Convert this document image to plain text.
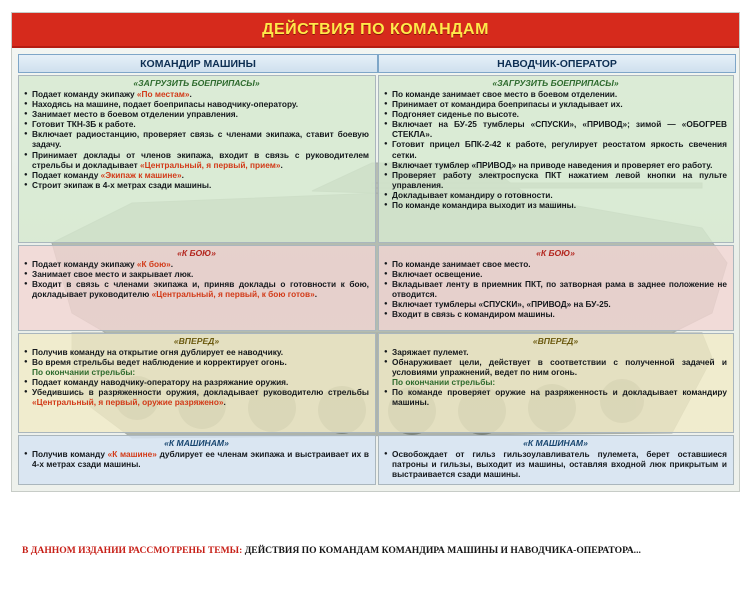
ДЕЙСТВИЯ ПО КОМАНДАМ
КОМАНДИР МАШИНЫ	НАВОДЧИК-ОПЕРАТОР
«ЗАГРУЗИТЬ БОЕПРИПАСЫ»
● Подает команду экипажу «По местам».
● Находясь на машине, подает боеприпасы наводчику-оператору.
● Занимает место в боевом отделении управления.
● Готовит ТКН-3Б к работе.
● Включает радиостанцию, проверяет связь с членами экипажа, ставит боевую задачу.
● Принимает доклады от членов экипажа, входит в связь с руководителем стрельбы и докладывает «Центральный, я первый, прием».
● Подает команду «Экипаж к машине».
● Строит экипаж в 4-х метрах сзади машины.
«ЗАГРУЗИТЬ БОЕПРИПАСЫ»
● По команде занимает свое место в боевом отделении.
● Принимает от командира боеприпасы и укладывает их.
● Подгоняет сиденье по высоте.
● Включает на БУ-25 тумблеры «СПУСКИ», «ПРИВОД»; зимой — «ОБОГРЕВ СТЕКЛА».
● Готовит прицел БПК-2-42 к работе, регулирует реостатом яркость свечения сетки.
● Включает тумблер «ПРИВОД» на приводе наведения и проверяет его работу.
● Проверяет работу электроспуска ПКТ нажатием левой кнопки на пульте управления.
● Докладывает командиру о готовности.
● По команде командира выходит из машины.
«К БОЮ»
● Подает команду экипажу «К бою».
● Занимает свое место и закрывает люк.
● Входит в связь с членами экипажа и, приняв доклады о готовности к бою, докладывает руководителю «Центральный, я первый, к бою готов».
«К БОЮ»
● По команде занимает свое место.
● Включает освещение.
● Вкладывает ленту в приемник ПКТ, по затворная рама в заднее положение не отводится.
● Включает тумблеры «СПУСКИ», «ПРИВОД» на БУ-25.
● Входит в связь с командиром машины.
«ВПЕРЕД»
● Получив команду на открытие огня дублирует ее наводчику.
● Во время стрельбы ведет наблюдение и корректирует огонь.
По окончании стрельбы:
● Подает команду наводчику-оператору на разряжание оружия.
● Убедившись в разряженности оружия, докладывает руководителю стрельбы «Центральный, я первый, оружие разряжено».
«ВПЕРЕД»
● Заряжает пулемет.
● Обнаруживает цели, действует в соответствии с полученной задачей и условиями упражнений, ведет по ним огонь.
По окончании стрельбы:
● По команде проверяет оружие на разряженность и докладывает командиру машины.
«К МАШИНАМ»
● Получив команду «К машине» дублирует ее членам экипажа и выстраивает их в 4-х метрах сзади машины.
«К МАШИНАМ»
● Освобождает от гильз гильзоулавливатель пулемета, берет оставшиеся патроны и гильзы, выходит из машины, оставляя входной люк прикрытым и выстраивается сзади машины.
В ДАННОМ ИЗДАНИИ РАССМОТРЕНЫ ТЕМЫ: ДЕЙСТВИЯ ПО КОМАНДАМ КОМАНДИРА МАШИНЫ И НАВОДЧИКА-ОПЕРАТОРА...
